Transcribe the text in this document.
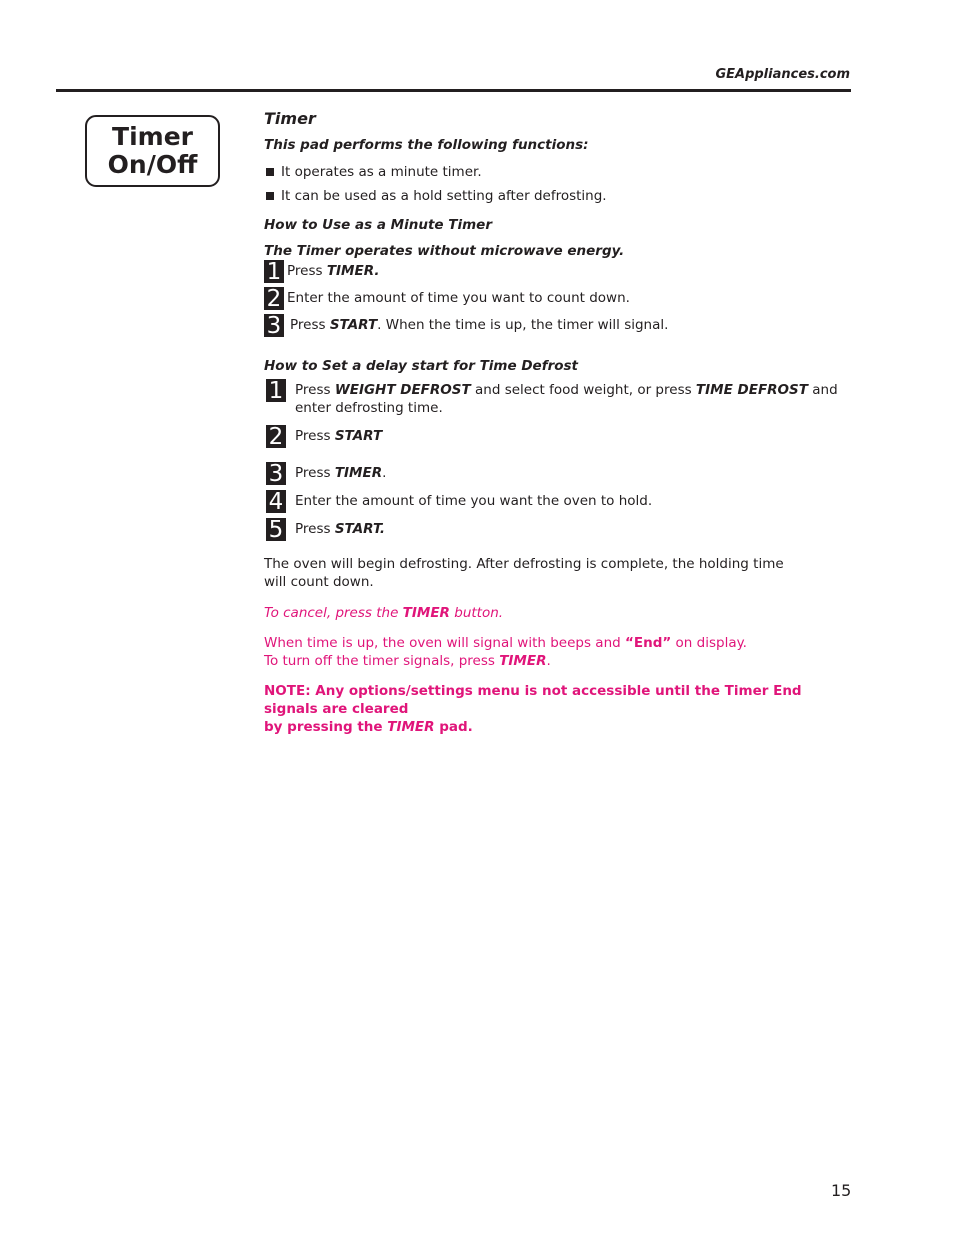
GEAppliances.com
Timer
On/Off
Timer
This pad performs the following functions:
It operates as a minute timer.
It can be used as a hold setting after defrosting.
How to Use as a Minute Timer
The Timer operates without microwave energy.
1 Press TIMER.
2 Enter the amount of time you want to count down.
3 Press START. When the time is up, the timer will signal.
How to Set a delay start for Time Defrost
1 Press WEIGHT DEFROST and select food weight, or press TIME DEFROST and
enter defrosting time.
2 Press START
3 Press TIMER.
4 Enter the amount of time you want the oven to hold.
5 Press START.
The oven will begin defrosting. After defrosting is complete, the holding time
will count down.
To cancel, press the TIMER button.
When time is up, the oven will signal with beeps and “End” on display.
To turn off the timer signals, press TIMER.
NOTE: Any options/settings menu is not accessible until the Timer End signals are cleared
by pressing the TIMER pad.
15
